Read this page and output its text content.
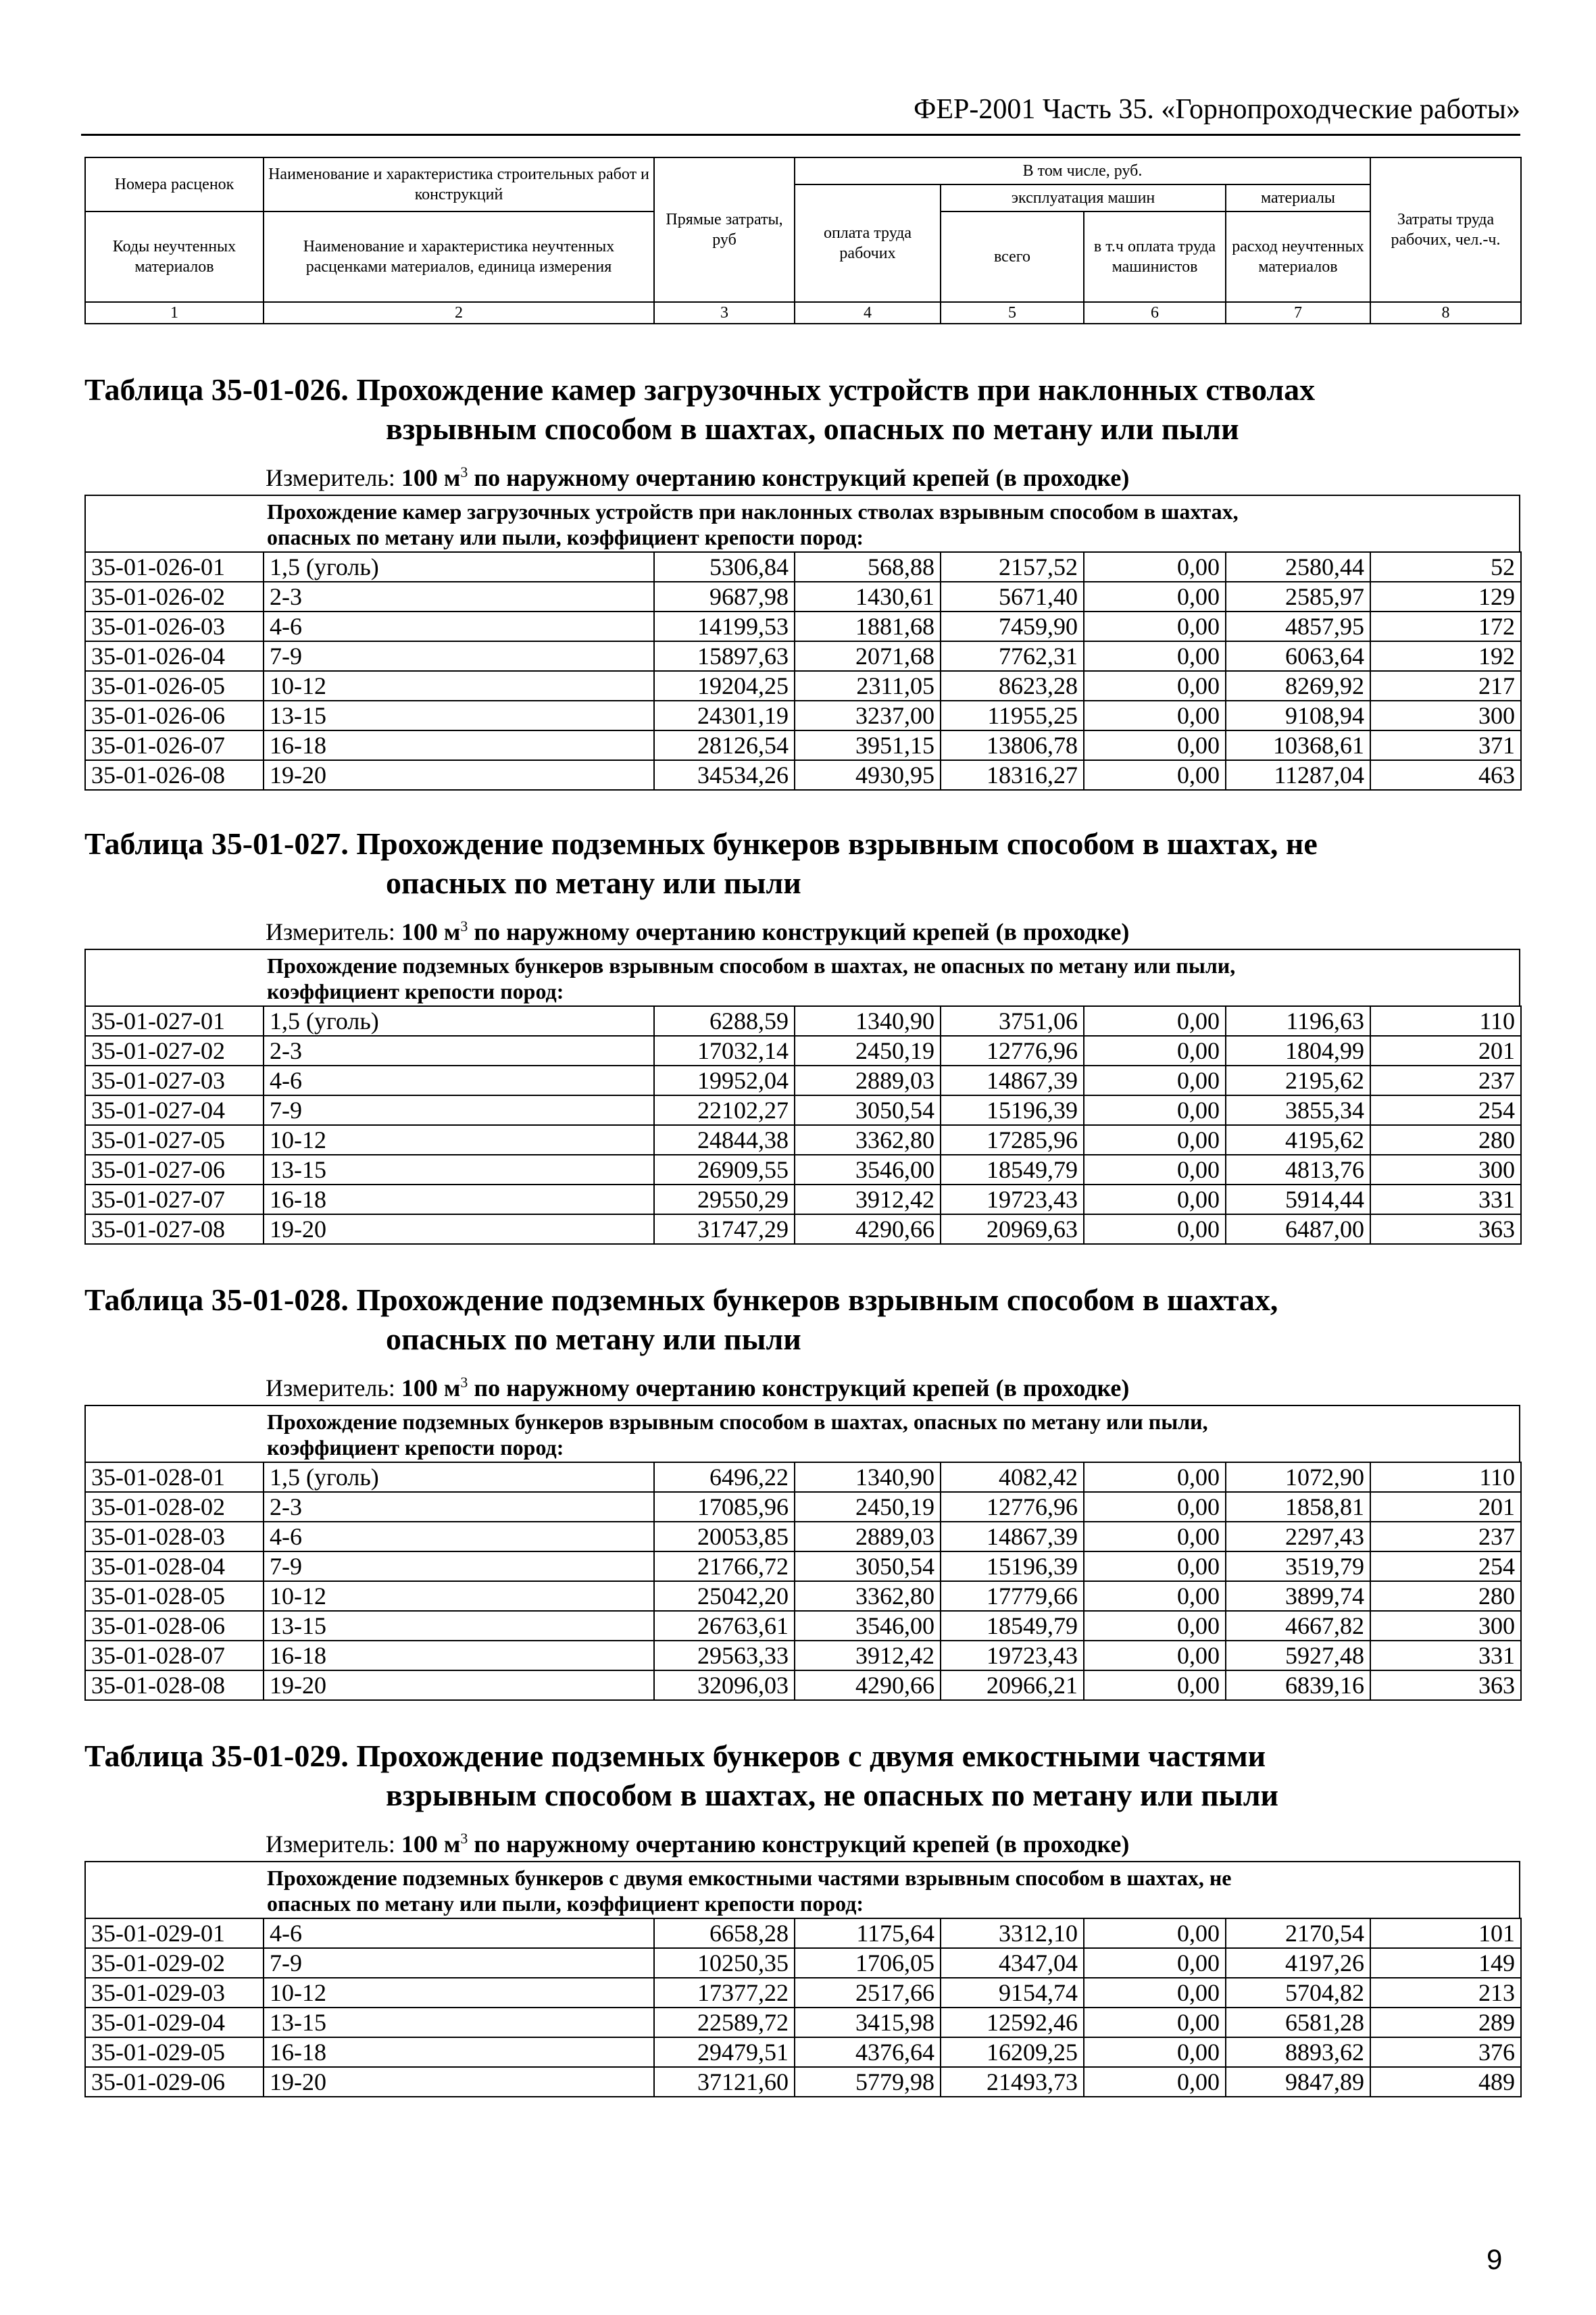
ФЕР-2001 Часть 35. «Горнопроходческие работы»
Номера расценок	Наименование и характеристика строительных работ и конструкций	Прямые затраты, руб	В том числе, руб.				Затраты труда рабочих, чел.-ч.
			оплата труда рабочих	эксплуатация машин		материалы	
Коды неучтенных материалов	Наименование и характеристика неучтенных расценками материалов, единица измерения			всего	в т.ч оплата труда машинистов	расход неучтенных материалов	

1	2	3	4	5	6	7	8
Таблица 35-01-026. Прохождение камер загрузочных устройств при наклонных стволах
взрывным способом в шахтах, опасных по метану или пыли
Измеритель: 100 $м^3$ по наружному очертанию конструкций крепей (в проходке)
Прохождение камер загрузочных устройств при наклонных стволах взрывным способом в шахтах,
опасных по метану или пыли, коэффициент крепости пород:
35-01-026-01	1,5 (уголь)	5306,84	568,88	2157,52	0,00	2580,44	52
35-01-026-02	2-3	9687,98	1430,61	5671,40	0,00	2585,97	129
35-01-026-03	4-6	14199,53	1881,68	7459,90	0,00	4857,95	172
35-01-026-04	7-9	15897,63	2071,68	7762,31	0,00	6063,64	192
35-01-026-05	10-12	19204,25	2311,05	8623,28	0,00	8269,92	217
35-01-026-06	13-15	24301,19	3237,00	11955,25	0,00	9108,94	300
35-01-026-07	16-18	28126,54	3951,15	13806,78	0,00	10368,61	371
35-01-026-08	19-20	34534,26	4930,95	18316,27	0,00	11287,04	463
Таблица 35-01-027. Прохождение подземных бункеров взрывным способом в шахтах, не
опасных по метану или пыли
Измеритель: 100 $м^3$ по наружному очертанию конструкций крепей (в проходке)
Прохождение подземных бункеров взрывным способом в шахтах, не опасных по метану или пыли,
коэффициент крепости пород:
35-01-027-01	1,5 (уголь)	6288,59	1340,90	3751,06	0,00	1196,63	110
35-01-027-02	2-3	17032,14	2450,19	12776,96	0,00	1804,99	201
35-01-027-03	4-6	19952,04	2889,03	14867,39	0,00	2195,62	237
35-01-027-04	7-9	22102,27	3050,54	15196,39	0,00	3855,34	254
35-01-027-05	10-12	24844,38	3362,80	17285,96	0,00	4195,62	280
35-01-027-06	13-15	26909,55	3546,00	18549,79	0,00	4813,76	300
35-01-027-07	16-18	29550,29	3912,42	19723,43	0,00	5914,44	331
35-01-027-08	19-20	31747,29	4290,66	20969,63	0,00	6487,00	363
Таблица 35-01-028. Прохождение подземных бункеров взрывным способом в шахтах,
опасных по метану или пыли
Измеритель: 100 $м^3$ по наружному очертанию конструкций крепей (в проходке)
Прохождение подземных бункеров взрывным способом в шахтах, опасных по метану или пыли,
коэффициент крепости пород:
35-01-028-01	1,5 (уголь)	6496,22	1340,90	4082,42	0,00	1072,90	110
35-01-028-02	2-3	17085,96	2450,19	12776,96	0,00	1858,81	201
35-01-028-03	4-6	20053,85	2889,03	14867,39	0,00	2297,43	237
35-01-028-04	7-9	21766,72	3050,54	15196,39	0,00	3519,79	254
35-01-028-05	10-12	25042,20	3362,80	17779,66	0,00	3899,74	280
35-01-028-06	13-15	26763,61	3546,00	18549,79	0,00	4667,82	300
35-01-028-07	16-18	29563,33	3912,42	19723,43	0,00	5927,48	331
35-01-028-08	19-20	32096,03	4290,66	20966,21	0,00	6839,16	363
Таблица 35-01-029. Прохождение подземных бункеров с двумя емкостными частями
взрывным способом в шахтах, не опасных по метану или пыли
Измеритель: 100 $м^3$ по наружному очертанию конструкций крепей (в проходке)
Прохождение подземных бункеров с двумя емкостными частями взрывным способом в шахтах, не
опасных по метану или пыли, коэффициент крепости пород:
35-01-029-01	4-6	6658,28	1175,64	3312,10	0,00	2170,54	101
35-01-029-02	7-9	10250,35	1706,05	4347,04	0,00	4197,26	149
35-01-029-03	10-12	17377,22	2517,66	9154,74	0,00	5704,82	213
35-01-029-04	13-15	22589,72	3415,98	12592,46	0,00	6581,28	289
35-01-029-05	16-18	29479,51	4376,64	16209,25	0,00	8893,62	376
35-01-029-06	19-20	37121,60	5779,98	21493,73	0,00	9847,89	489
9
